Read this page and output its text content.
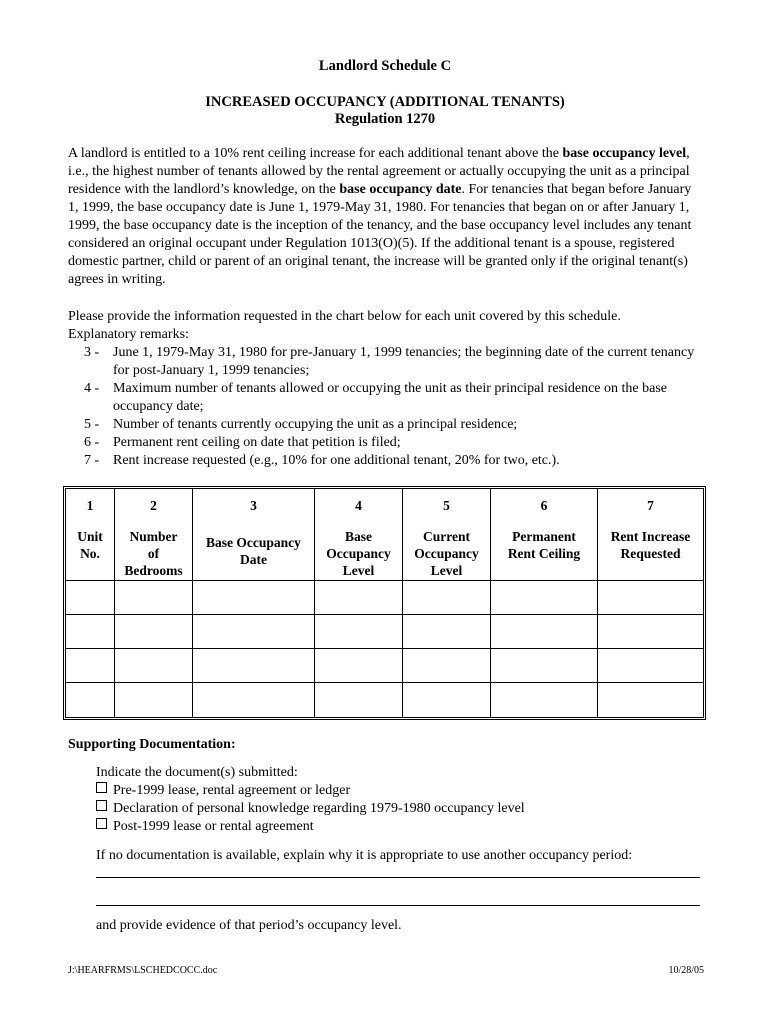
Landlord Schedule C
INCREASED OCCUPANCY (ADDITIONAL TENANTS)
Regulation 1270
A landlord is entitled to a 10% rent ceiling increase for each additional tenant above the base occupancy level, i.e., the highest number of tenants allowed by the rental agreement or actually occupying the unit as a principal residence with the landlord’s knowledge, on the base occupancy date. For tenancies that began before January 1, 1999, the base occupancy date is June 1, 1979-May 31, 1980. For tenancies that began on or after January 1, 1999, the base occupancy date is the inception of the tenancy, and the base occupancy level includes any tenant considered an original occupant under Regulation 1013(O)(5). If the additional tenant is a spouse, registered domestic partner, child or parent of an original tenant, the increase will be granted only if the original tenant(s) agrees in writing.
Please provide the information requested in the chart below for each unit covered by this schedule.
Explanatory remarks:
3 - June 1, 1979-May 31, 1980 for pre-January 1, 1999 tenancies; the beginning date of the current tenancy for post-January 1, 1999 tenancies;
4 - Maximum number of tenants allowed or occupying the unit as their principal residence on the base occupancy date;
5 - Number of tenants currently occupying the unit as a principal residence;
6 - Permanent rent ceiling on date that petition is filed;
7 - Rent increase requested (e.g., 10% for one additional tenant, 20% for two, etc.).
1
Unit
No.	2
Number
of
Bedrooms	3
Base Occupancy
Date	4
Base
Occupancy
Level	5
Current
Occupancy
Level	6
Permanent
Rent Ceiling	7
Rent Increase
Requested

Supporting Documentation:
Indicate the document(s) submitted:
Pre-1999 lease, rental agreement or ledger
Declaration of personal knowledge regarding 1979-1980 occupancy level
Post-1999 lease or rental agreement
If no documentation is available, explain why it is appropriate to use another occupancy period:
and provide evidence of that period’s occupancy level.
J:\HEARFRMS\LSCHEDCOCC.doc	10/28/05
